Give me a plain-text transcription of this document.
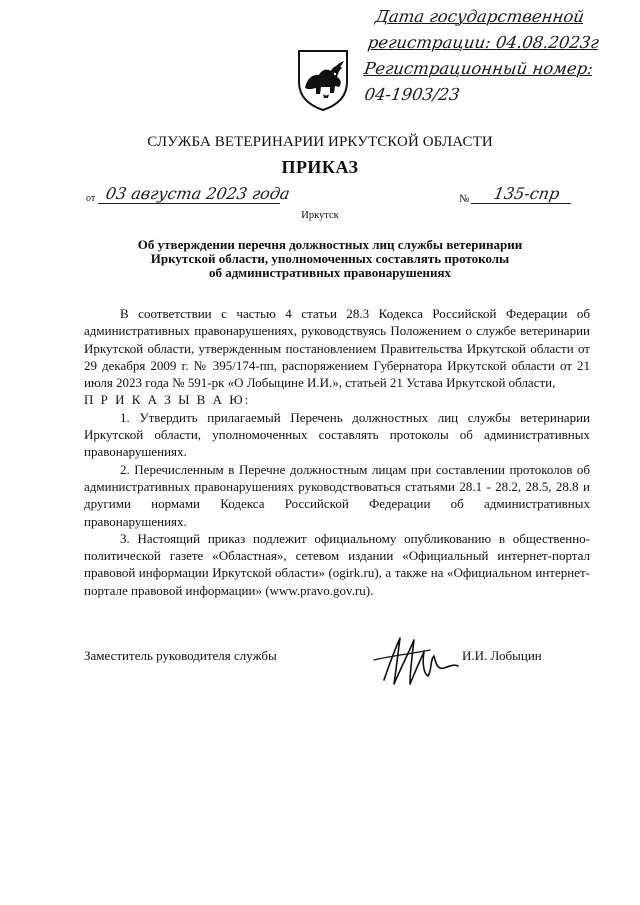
Дата государственной
регистрации: 04.08.2023г
Регистрационный номер:
04-1903/23
СЛУЖБА ВЕТЕРИНАРИИ ИРКУТСКОЙ ОБЛАСТИ
ПРИКАЗ
от 03 августа 2023 года	№ 135-спр
Иркутск
Об утверждении перечня должностных лиц службы ветеринарии
Иркутской области, уполномоченных составлять протоколы
об административных правонарушениях

В соответствии с частью 4 статьи 28.3 Кодекса Российской Федерации об административных правонарушениях, руководствуясь Положением о службе ветеринарии Иркутской области, утвержденным постановлением Правительства Иркутской области от 29 декабря 2009 г. № 395/174-пп, распоряжением Губернатора Иркутской области от 21 июля 2023 года № 591-рк «О Лобыцине И.И.», статьей 21 Устава Иркутской области,

П Р И К А З Ы В А Ю:

1. Утвердить прилагаемый Перечень должностных лиц службы ветеринарии Иркутской области, уполномоченных составлять протоколы об административных правонарушениях.

2. Перечисленным в Перечне должностным лицам при составлении протоколов об административных правонарушениях руководствоваться статьями 28.1 - 28.2, 28.5, 28.8 и другими нормами Кодекса Российской Федерации об административных правонарушениях.

3. Настоящий приказ подлежит официальному опубликованию в общественно-политической газете «Областная», сетевом издании «Официальный интернет-портал правовой информации Иркутской области» (ogirk.ru), а также на «Официальном интернет-портале правовой информации» (www.pravo.gov.ru).

Заместитель руководителя службы	И.И. Лобыцин
